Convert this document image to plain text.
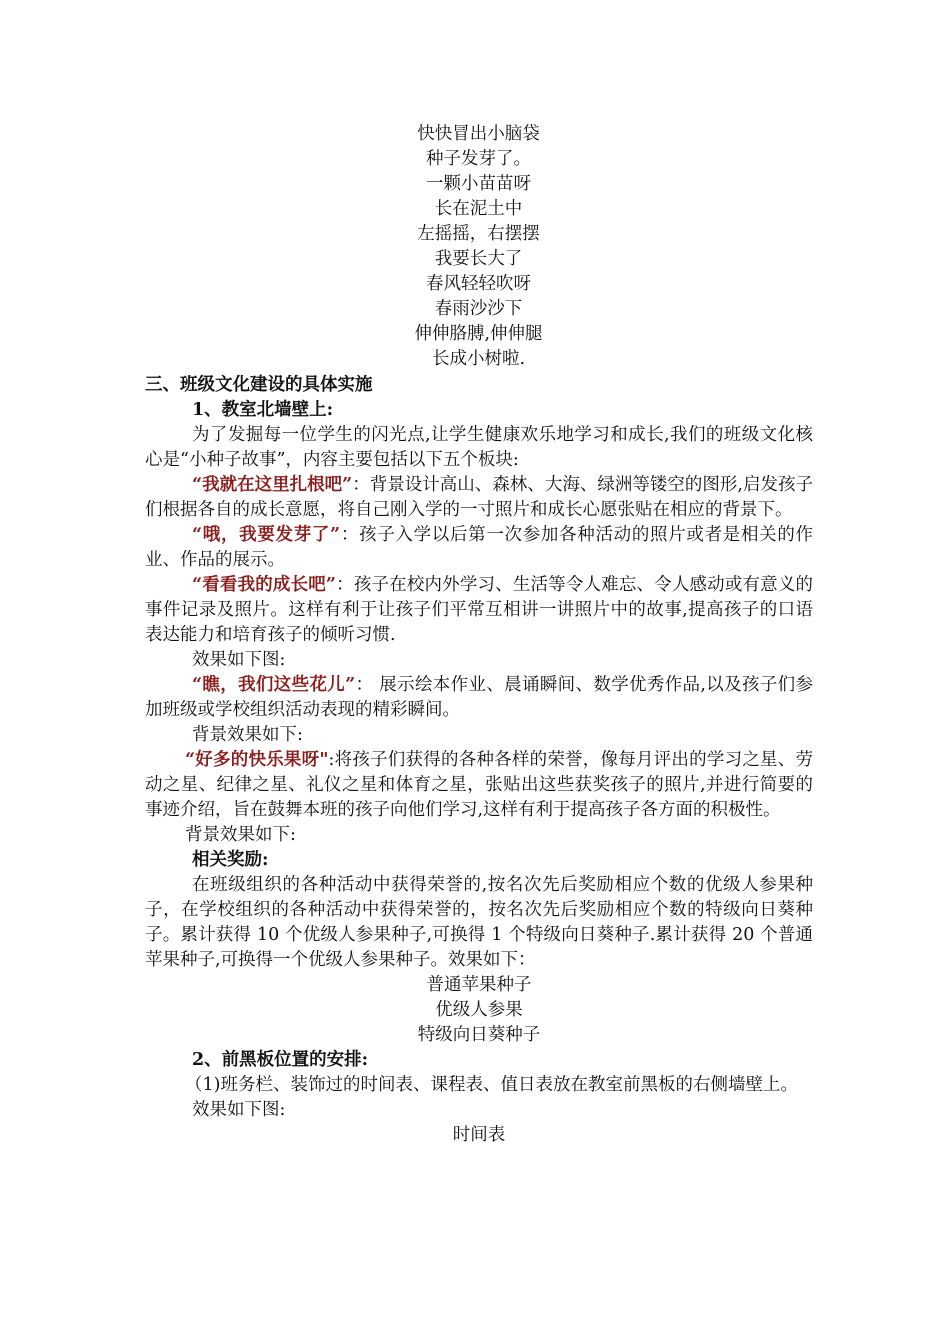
快快冒出小脑袋

种子发芽了。

一颗小苗苗呀

长在泥土中

左摇摇，右摆摆

我要长大了

春风轻轻吹呀

春雨沙沙下

伸伸胳膊,伸伸腿

长成小树啦.

三、班级文化建设的具体实施

1、教室北墙壁上:

为了发掘每一位学生的闪光点,让学生健康欢乐地学习和成长,我们的班级文化核心是“小种子故事”，内容主要包括以下五个板块:

“我就在这里扎根吧”：背景设计高山、森林、大海、绿洲等镂空的图形,启发孩子们根据各自的成长意愿，将自己刚入学的一寸照片和成长心愿张贴在相应的背景下。

“哦，我要发芽了”：孩子入学以后第一次参加各种活动的照片或者是相关的作业、作品的展示。

“看看我的成长吧”：孩子在校内外学习、生活等令人难忘、令人感动或有意义的事件记录及照片。这样有利于让孩子们平常互相讲一讲照片中的故事,提高孩子的口语表达能力和培育孩子的倾听习惯.

效果如下图:

“瞧，我们这些花儿”： 展示绘本作业、晨诵瞬间、数学优秀作品,以及孩子们参加班级或学校组织活动表现的精彩瞬间。

背景效果如下:

“好多的快乐果呀":将孩子们获得的各种各样的荣誉，像每月评出的学习之星、劳动之星、纪律之星、礼仪之星和体育之星，张贴出这些获奖孩子的照片,并进行简要的事迹介绍，旨在鼓舞本班的孩子向他们学习,这样有利于提高孩子各方面的积极性。

背景效果如下:

相关奖励:

在班级组织的各种活动中获得荣誉的,按名次先后奖励相应个数的优级人参果种子，在学校组织的各种活动中获得荣誉的，按名次先后奖励相应个数的特级向日葵种子。累计获得 10 个优级人参果种子,可换得 1 个特级向日葵种子.累计获得 20 个普通苹果种子,可换得一个优级人参果种子。效果如下：

普通苹果种子

优级人参果

特级向日葵种子

2、前黑板位置的安排:

（1)班务栏、装饰过的时间表、课程表、值日表放在教室前黑板的右侧墙壁上。

效果如下图:

时间表
